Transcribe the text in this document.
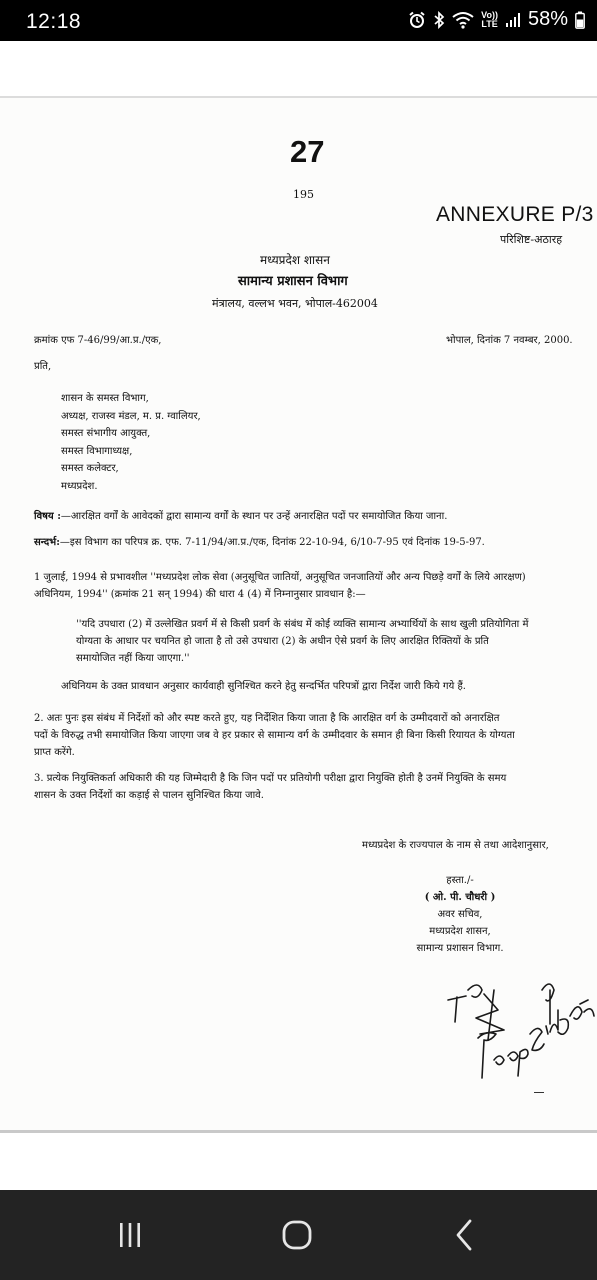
12:18	Vo))
LTE 58%
27
195
ANNEXURE P/3
परिशिष्ट-अठारह
मध्यप्रदेश शासन
सामान्य प्रशासन विभाग
मंत्रालय, वल्लभ भवन, भोपाल-462004
क्रमांक एफ 7-46/99/आ.प्र./एक,	भोपाल, दिनांक 7 नवम्बर, 2000.
प्रति,
शासन के समस्त विभाग,
अध्यक्ष, राजस्व मंडल, म. प्र. ग्वालियर,
समस्त संभागीय आयुक्त,
समस्त विभागाध्यक्ष,
समस्त कलेक्टर,
मध्यप्रदेश.
विषय :—आरक्षित वर्गों के आवेदकों द्वारा सामान्य वर्गों के स्थान पर उन्हें अनारक्षित पदों पर समायोजित किया जाना.
सन्दर्भ:—इस विभाग का परिपत्र क्र. एफ. 7-11/94/आ.प्र./एक, दिनांक 22-10-94, 6/10-7-95 एवं दिनांक 19-5-97.
1 जुलाई, 1994 से प्रभावशील ''मध्यप्रदेश लोक सेवा (अनुसूचित जातियों, अनुसूचित जनजातियों और अन्य पिछड़े वर्गों के लिये आरक्षण)
अधिनियम, 1994'' (क्रमांक 21 सन् 1994) की धारा 4 (4) में निम्नानुसार प्रावधान है:—
''यदि उपधारा (2) में उल्लेखित प्रवर्ग में से किसी प्रवर्ग के संबंध में कोई व्यक्ति सामान्य अभ्यार्थियों के साथ खुली प्रतियोगिता में
योग्यता के आधार पर चयनित हो जाता है तो उसे उपधारा (2) के अधीन ऐसे प्रवर्ग के लिए आरक्षित रिक्तियों के प्रति
समायोजित नहीं किया जाएगा.''
अधिनियम के उक्त प्रावधान अनुसार कार्यवाही सुनिश्चित करने हेतु सन्दर्भित परिपत्रों द्वारा निर्देश जारी किये गये हैं.
2. अतः पुनः इस संबंध में निर्देशों को और स्पष्ट करते हुए, यह निर्देशित किया जाता है कि आरक्षित वर्ग के उम्मीदवारों को अनारक्षित
पदों के विरुद्ध तभी समायोजित किया जाएगा जब वे हर प्रकार से सामान्य वर्ग के उम्मीदवार के समान ही बिना किसी रियायत के योग्यता
प्राप्त करेंगे.
3. प्रत्येक नियुक्तिकर्ता अधिकारी की यह जिम्मेदारी है कि जिन पदों पर प्रतियोगी परीक्षा द्वारा नियुक्ति होती है उनमें नियुक्ति के समय
शासन के उक्त निर्देशों का कड़ाई से पालन सुनिश्चित किया जावे.
मध्यप्रदेश के राज्यपाल के नाम से तथा आदेशानुसार,
हस्ता./-
( ओ. पी. चौधरी )
अवर सचिव,
मध्यप्रदेश शासन,
सामान्य प्रशासन विभाग.
